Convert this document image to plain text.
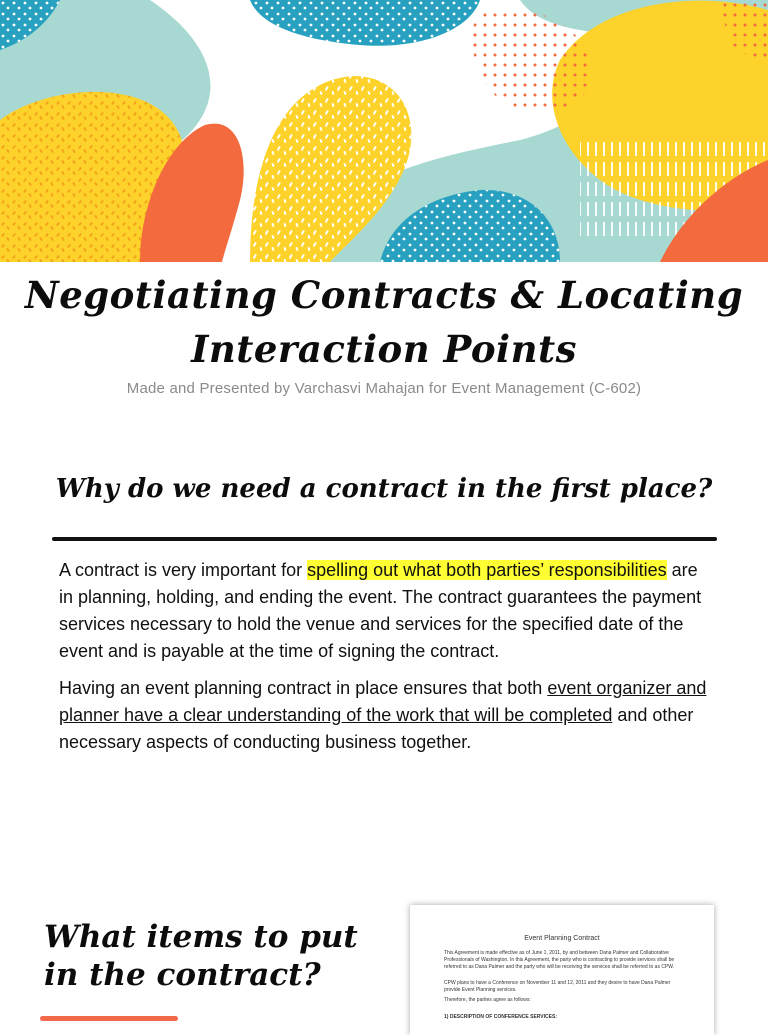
Negotiating Contracts & Locating
Interaction Points
Made and Presented by Varchasvi Mahajan for Event Management (C-602)
Why do we need a contract in the first place?

A contract is very important for spelling out what both parties’ responsibilities are in planning, holding, and ending the event. The contract guarantees the payment services necessary to hold the venue and services for the specified date of the event and is payable at the time of signing the contract.

Having an event planning contract in place ensures that both event organizer and planner have a clear understanding of the work that will be completed and other necessary aspects of conducting business together.

What items to put in the contract?
Event Planning Contract
This Agreement is made effective as of June 1, 2011, by and between Dana Palmer and Collaborative Professionals of Washington. In this Agreement, the party who is contracting to provide services shall be referred to as Dana Palmer and the party who will be receiving the services shall be referred to as CPW.
CPW plans to have a Conference on November 11 and 12, 2011 and they desire to have Dana Palmer provide Event Planning services.
Therefore, the parties agree as follows:
1) DESCRIPTION OF CONFERENCE SERVICES:
